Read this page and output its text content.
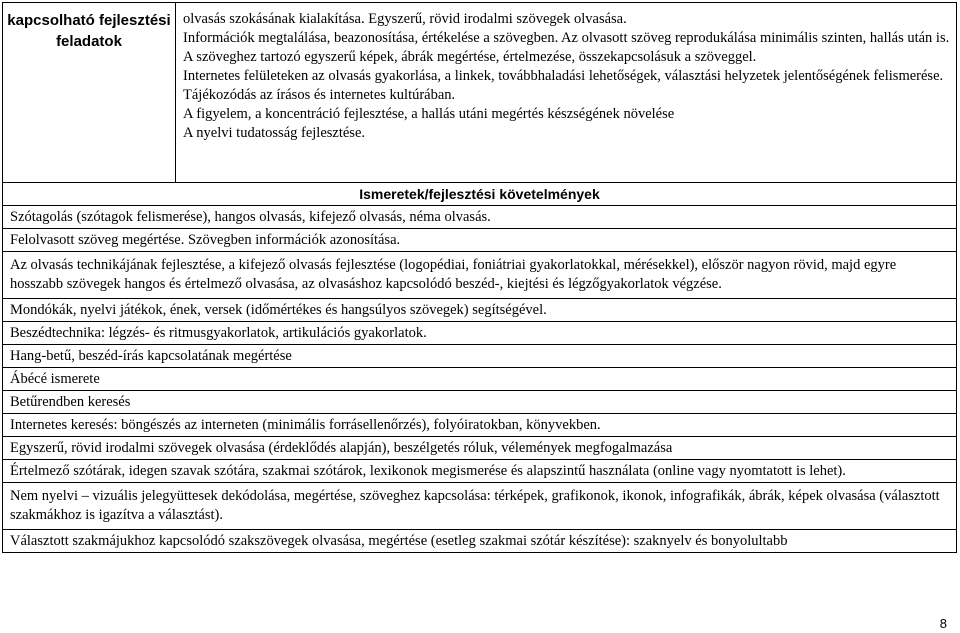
kapcsolható fejlesztési feladatok

olvasás szokásának kialakítása. Egyszerű, rövid irodalmi szövegek olvasása.
Információk megtalálása, beazonosítása, értékelése a szövegben. Az olvasott szöveg reprodukálása minimális szinten, hallás után is.
A szöveghez tartozó egyszerű képek, ábrák megértése, értelmezése, összekapcsolásuk a szöveggel.
Internetes felületeken az olvasás gyakorlása, a linkek, továbbhaladási lehetőségek, választási helyzetek jelentőségének felismerése.
Tájékozódás az írásos és internetes kultúrában.
A figyelem, a koncentráció fejlesztése, a hallás utáni megértés készségének növelése
A nyelvi tudatosság fejlesztése.

Ismeretek/fejlesztési követelmények

Szótagolás (szótagok felismerése), hangos olvasás, kifejező olvasás, néma olvasás.

Felolvasott szöveg megértése. Szövegben információk azonosítása.

Az olvasás technikájának fejlesztése, a kifejező olvasás fejlesztése (logopédiai, foniátriai gyakorlatokkal, mérésekkel), először nagyon rövid, majd egyre hosszabb szövegek hangos és értelmező olvasása, az olvasáshoz kapcsolódó beszéd-, kiejtési és légzőgyakorlatok végzése.

Mondókák, nyelvi játékok, ének, versek (időmértékes és hangsúlyos szövegek) segítségével.

Beszédtechnika: légzés- és ritmusgyakorlatok, artikulációs gyakorlatok.

Hang-betű, beszéd-írás kapcsolatának megértése

Ábécé ismerete

Betűrendben keresés

Internetes keresés: böngészés az interneten (minimális forrásellenőrzés), folyóiratokban, könyvekben.

Egyszerű, rövid irodalmi szövegek olvasása (érdeklődés alapján), beszélgetés róluk, vélemények megfogalmazása

Értelmező szótárak, idegen szavak szótára, szakmai szótárok, lexikonok megismerése és alapszintű használata (online vagy nyomtatott is lehet).

Nem nyelvi – vizuális jelegyüttesek dekódolása, megértése, szöveghez kapcsolása: térképek, grafikonok, ikonok, infografikák, ábrák, képek olvasása (választott szakmákhoz is igazítva a választást).

Választott szakmájukhoz kapcsolódó szakszövegek olvasása, megértése (esetleg szakmai szótár készítése): szaknyelv és bonyolultabb
8
